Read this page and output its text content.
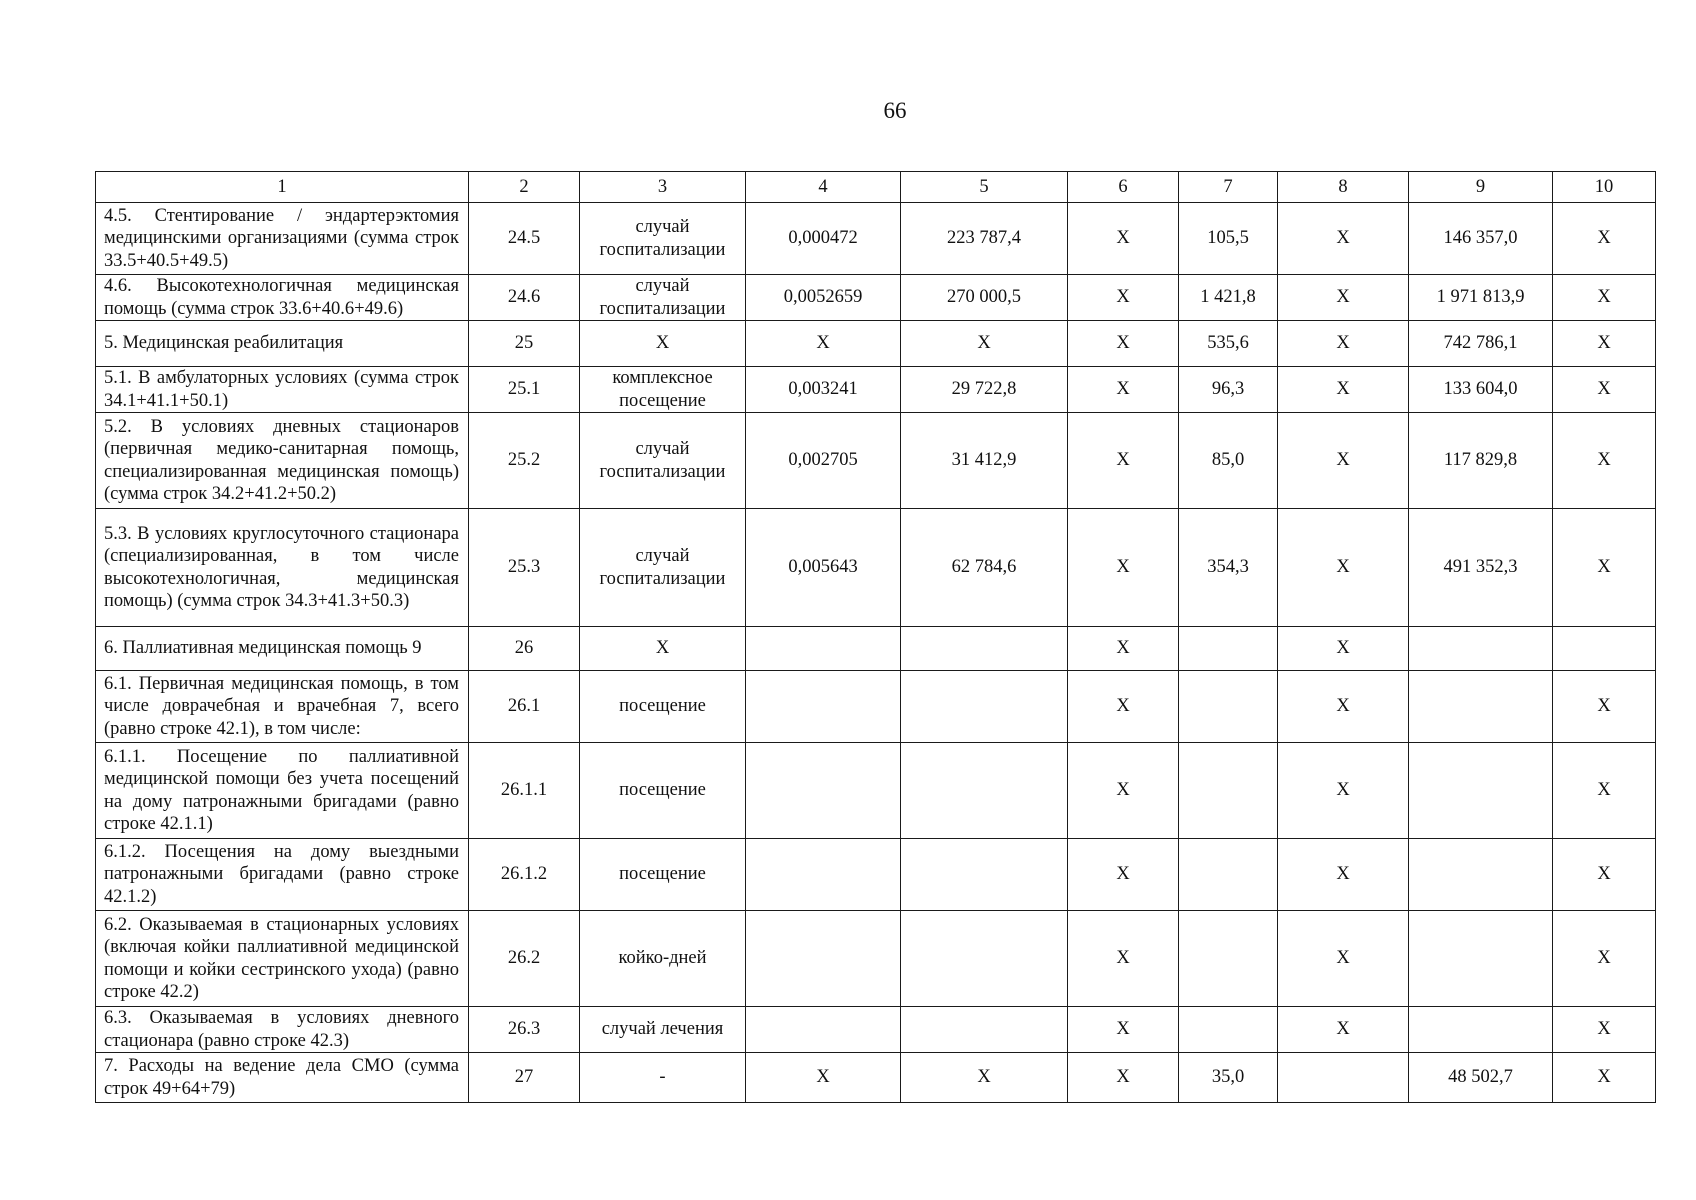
66
1	2	3	4	5	6	7	8	9	10
4.5. Стентирование / эндартерэктомия медицинскими организациями (сумма строк 33.5+40.5+49.5)	24.5	случай госпитализации	0,000472	223 787,4	X	105,5	X	146 357,0	X
4.6. Высокотехнологичная медицинская помощь (сумма строк 33.6+40.6+49.6)	24.6	случай госпитализации	0,0052659	270 000,5	X	1 421,8	X	1 971 813,9	X
5. Медицинская реабилитация	25	X	X	X	X	535,6	X	742 786,1	X
5.1. В амбулаторных условиях (сумма строк 34.1+41.1+50.1)	25.1	комплексное посещение	0,003241	29 722,8	X	96,3	X	133 604,0	X
5.2. В условиях дневных стационаров (первичная медико-санитарная помощь, специализированная медицинская помощь) (сумма строк 34.2+41.2+50.2)	25.2	случай госпитализации	0,002705	31 412,9	X	85,0	X	117 829,8	X
5.3. В условиях круглосуточного стационара (специализированная, в том числе высокотехнологичная, медицинская помощь) (сумма строк 34.3+41.3+50.3)	25.3	случай госпитализации	0,005643	62 784,6	X	354,3	X	491 352,3	X
6. Паллиативная медицинская помощь 9	26	X			X		X		
6.1. Первичная медицинская помощь, в том числе доврачебная и врачебная 7, всего (равно строке 42.1), в том числе:	26.1	посещение			X		X		X
6.1.1. Посещение по паллиативной медицинской помощи без учета посещений на дому патронажными бригадами (равно строке 42.1.1)	26.1.1	посещение			X		X		X
6.1.2. Посещения на дому выездными патронажными бригадами (равно строке 42.1.2)	26.1.2	посещение			X		X		X
6.2. Оказываемая в стационарных условиях (включая койки паллиативной медицинской помощи и койки сестринского ухода) (равно строке 42.2)	26.2	койко-дней			X		X		X
6.3. Оказываемая в условиях дневного стационара (равно строке 42.3)	26.3	случай лечения			X		X		X
7. Расходы на ведение дела СМО (сумма строк 49+64+79)	27	-	X	X	X	35,0		48 502,7	X
